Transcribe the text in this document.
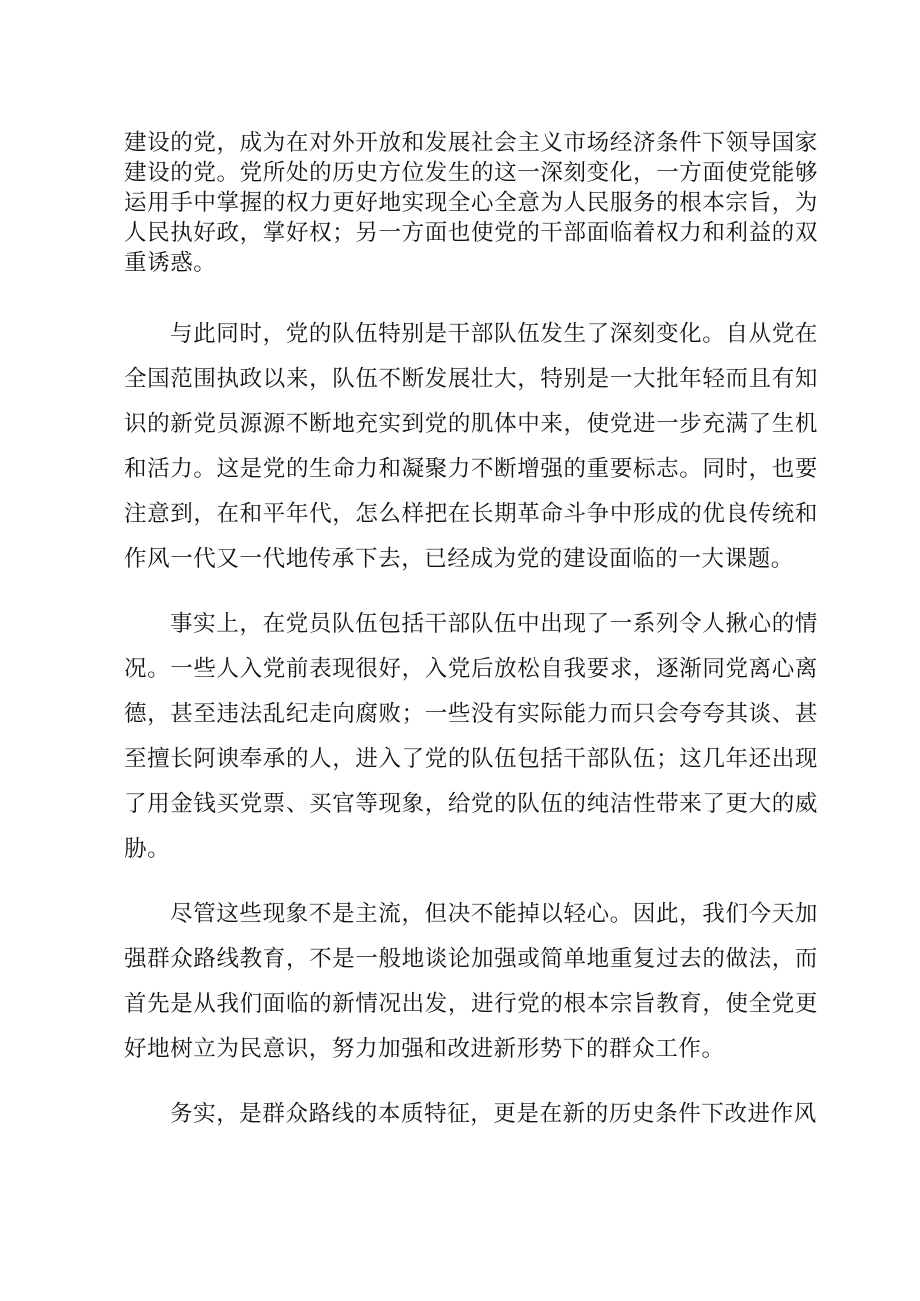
建设的党，成为在对外开放和发展社会主义市场经济条件下领导国家建设的党。党所处的历史方位发生的这一深刻变化，一方面使党能够运用手中掌握的权力更好地实现全心全意为人民服务的根本宗旨，为人民执好政，掌好权；另一方面也使党的干部面临着权力和利益的双重诱惑。

与此同时，党的队伍特别是干部队伍发生了深刻变化。自从党在全国范围执政以来，队伍不断发展壮大，特别是一大批年轻而且有知识的新党员源源不断地充实到党的肌体中来，使党进一步充满了生机和活力。这是党的生命力和凝聚力不断增强的重要标志。同时，也要注意到，在和平年代，怎么样把在长期革命斗争中形成的优良传统和作风一代又一代地传承下去，已经成为党的建设面临的一大课题。

事实上，在党员队伍包括干部队伍中出现了一系列令人揪心的情况。一些人入党前表现很好，入党后放松自我要求，逐渐同党离心离德，甚至违法乱纪走向腐败；一些没有实际能力而只会夸夸其谈、甚至擅长阿谀奉承的人，进入了党的队伍包括干部队伍；这几年还出现了用金钱买党票、买官等现象，给党的队伍的纯洁性带来了更大的威胁。

尽管这些现象不是主流，但决不能掉以轻心。因此，我们今天加强群众路线教育，不是一般地谈论加强或简单地重复过去的做法，而首先是从我们面临的新情况出发，进行党的根本宗旨教育，使全党更好地树立为民意识，努力加强和改进新形势下的群众工作。

务实，是群众路线的本质特征，更是在新的历史条件下改进作风
